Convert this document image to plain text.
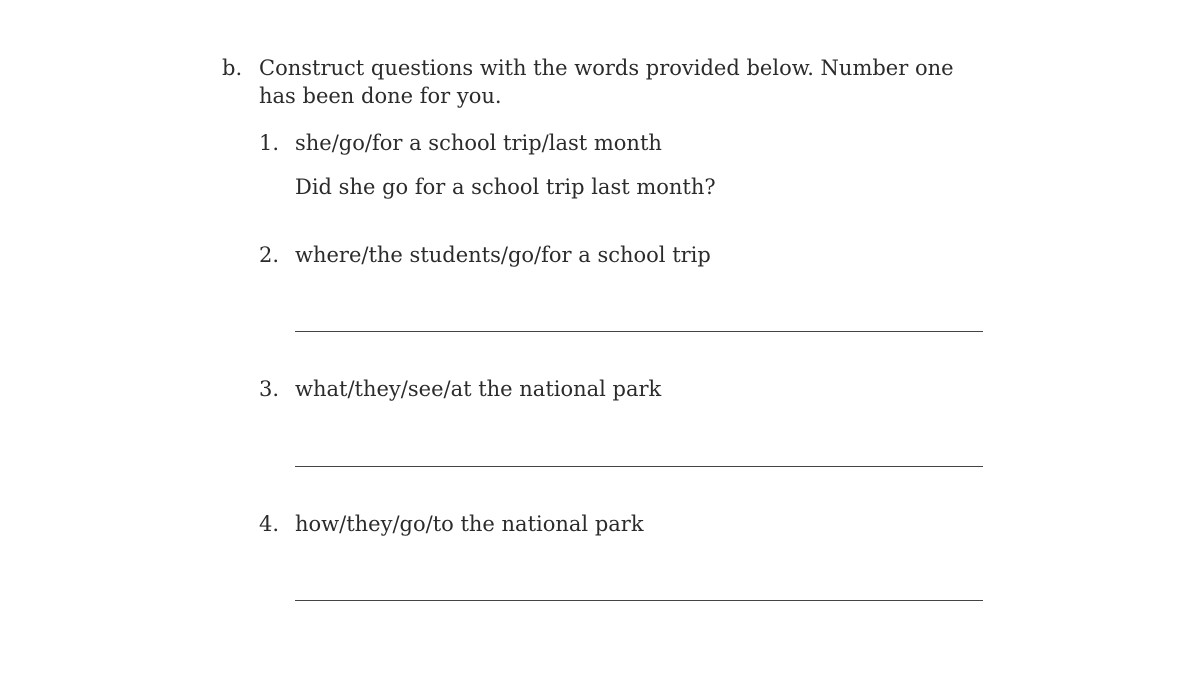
b. Construct questions with the words provided below. Number one
has been done for you.
1. she/go/for a school trip/last month
Did she go for a school trip last month?
2. where/the students/go/for a school trip
3. what/they/see/at the national park
4. how/they/go/to the national park
